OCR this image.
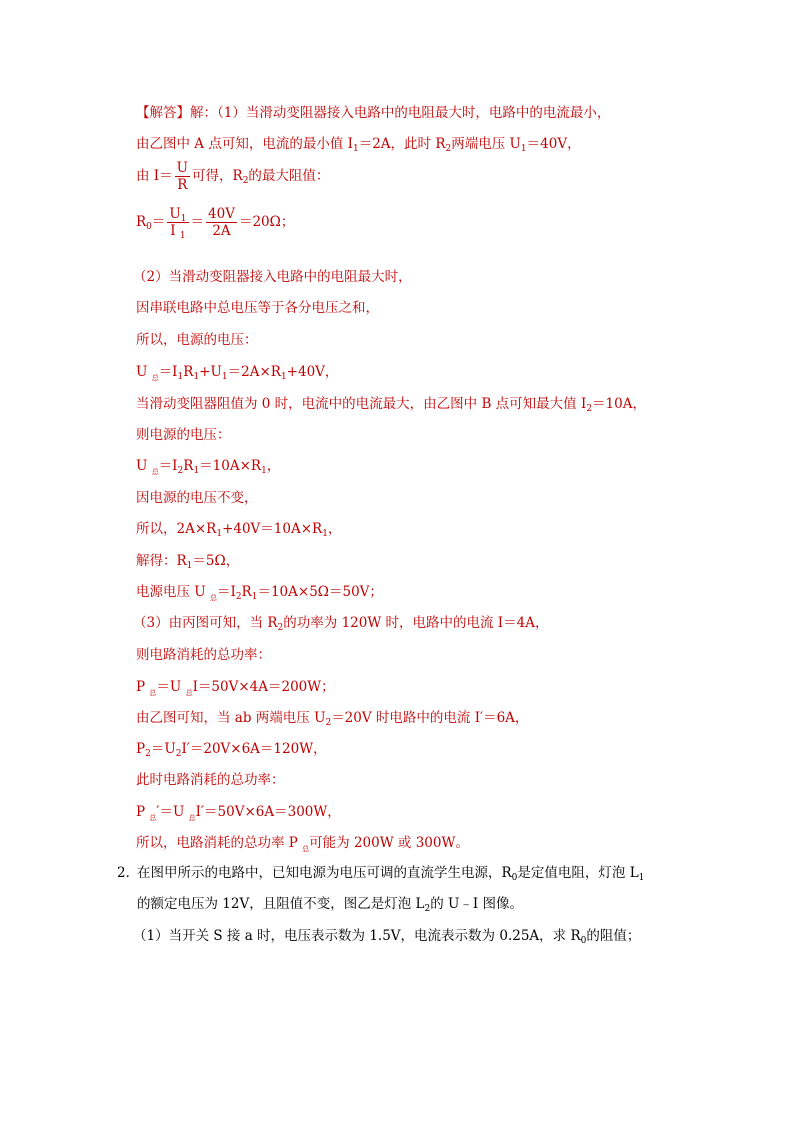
【解答】解：（1）当滑动变阻器接入电路中的电阻最大时，电路中的电流最小，
由乙图中 A 点可知，电流的最小值 $I_1=2A$，此时 $R_2$两端电压 $U_1=40V$，
由 $I= \frac{U}{R}$ 可得，$R_2$的最大阻值：
$R_0= \frac{U_1}{I _1} = \frac{40V}{2A} =20\Omega$；
（2）当滑动变阻器接入电路中的电阻最大时，
因串联电路中总电压等于各分电压之和，
所以，电源的电压：
U $_总=I_1R_1+U_1=2A\times R_1+40V$，
当滑动变阻器阻值为 0 时，电流中的电流最大，由乙图中 B 点可知最大值 $I_2=10A$，
则电源的电压：
U $_总=I_2R_1=10A\times R_1$，
因电源的电压不变，
所以，$2A\times R_1+40V=10A\times R_1$，
解得：$R_1=5\Omega$，
电源电压 U $_总=I_2R_1=10A\times 5\Omega=50V$；
（3）由丙图可知，当 $R_2$的功率为 120W 时，电路中的电流 I＝4A，
则电路消耗的总功率：
P $_总$＝U $_总$I＝50V×4A＝200W；
由乙图可知，当 ab 两端电压 $U_2=20V$ 时电路中的电流 I′＝6A，
$P_2=U_2I'=20V\times 6A=120W$，
此时电路消耗的总功率：
P $_总$′＝U $_总$I′＝50V×6A＝300W，
所以，电路消耗的总功率 P $_总$可能为 200W 或 300W。
2．
在图甲所示的电路中，已知电源为电压可调的直流学生电源，$R_0$是定值电阻，灯泡 $L_1$
的额定电压为 12V，且阻值不变，图乙是灯泡 $L_2$的 U﹣I 图像。
（1）当开关 S 接 a 时，电压表示数为 1.5V，电流表示数为 0.25A，求 $R_0$的阻值；
